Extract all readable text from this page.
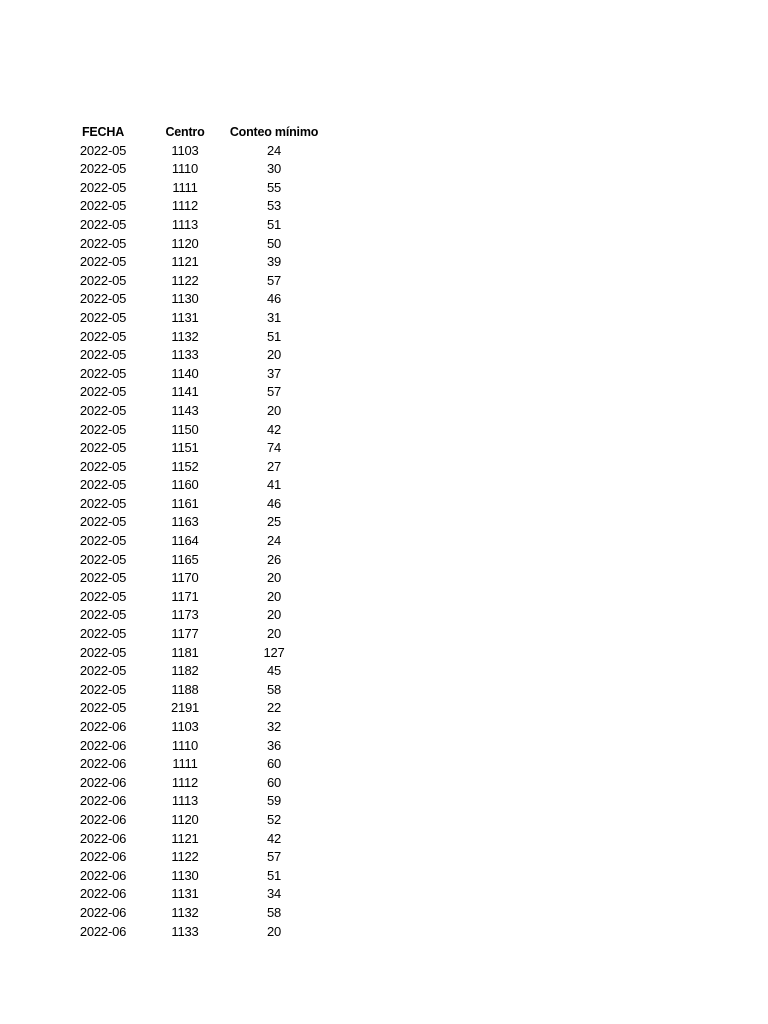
FECHA	Centro	Conteo mínimo
2022-05	1103	24
2022-05	1110	30
2022-05	1111	55
2022-05	1112	53
2022-05	1113	51
2022-05	1120	50
2022-05	1121	39
2022-05	1122	57
2022-05	1130	46
2022-05	1131	31
2022-05	1132	51
2022-05	1133	20
2022-05	1140	37
2022-05	1141	57
2022-05	1143	20
2022-05	1150	42
2022-05	1151	74
2022-05	1152	27
2022-05	1160	41
2022-05	1161	46
2022-05	1163	25
2022-05	1164	24
2022-05	1165	26
2022-05	1170	20
2022-05	1171	20
2022-05	1173	20
2022-05	1177	20
2022-05	1181	127
2022-05	1182	45
2022-05	1188	58
2022-05	2191	22
2022-06	1103	32
2022-06	1110	36
2022-06	1111	60
2022-06	1112	60
2022-06	1113	59
2022-06	1120	52
2022-06	1121	42
2022-06	1122	57
2022-06	1130	51
2022-06	1131	34
2022-06	1132	58
2022-06	1133	20
